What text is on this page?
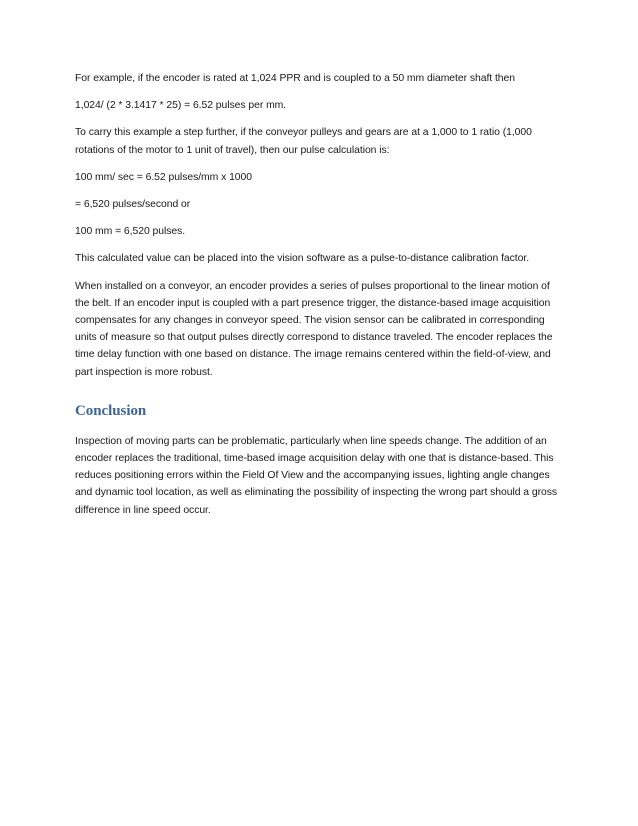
For example, if the encoder is rated at 1,024 PPR and is coupled to a 50 mm diameter shaft then

1,024/ (2 * 3.1417 * 25) = 6.52 pulses per mm.

To carry this example a step further, if the conveyor pulleys and gears are at a 1,000 to 1 ratio (1,000 rotations of the motor to 1 unit of travel), then our pulse calculation is:

100 mm/ sec = 6.52 pulses/mm x 1000

= 6,520 pulses/second or

100 mm = 6,520 pulses.

This calculated value can be placed into the vision software as a pulse-to-distance calibration factor.

When installed on a conveyor, an encoder provides a series of pulses proportional to the linear motion of the belt. If an encoder input is coupled with a part presence trigger, the distance-based image acquisition compensates for any changes in conveyor speed. The vision sensor can be calibrated in corresponding units of measure so that output pulses directly correspond to distance traveled. The encoder replaces the time delay function with one based on distance. The image remains centered within the field-of-view, and part inspection is more robust.

Conclusion

Inspection of moving parts can be problematic, particularly when line speeds change. The addition of an encoder replaces the traditional, time-based image acquisition delay with one that is distance-based. This reduces positioning errors within the Field Of View and the accompanying issues, lighting angle changes and dynamic tool location, as well as eliminating the possibility of inspecting the wrong part should a gross difference in line speed occur.
